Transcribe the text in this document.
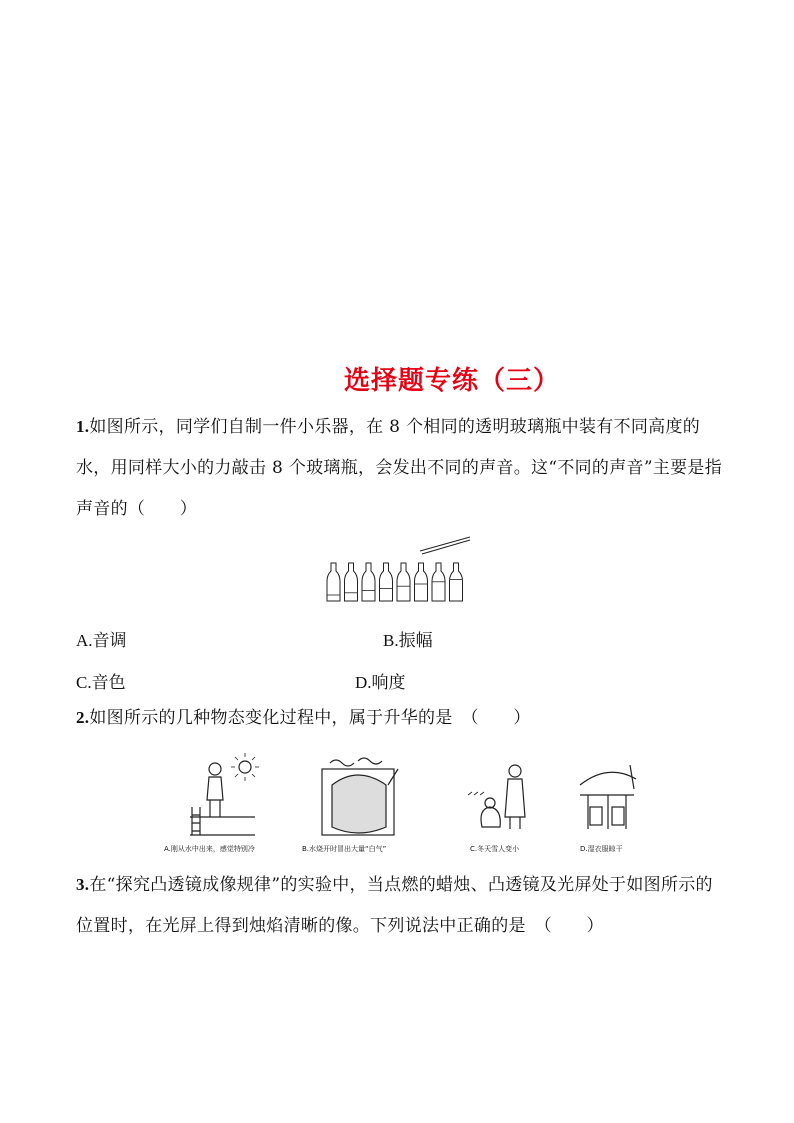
选择题专练（三）
1.如图所示，同学们自制一件小乐器，在 8 个相同的透明玻璃瓶中装有不同高度的水，用同样大小的力敲击 8 个玻璃瓶，会发出不同的声音。这“不同的声音”主要是指声音的（　　）
A.音调	B.振幅
C.音色	D.响度
2.如图所示的几种物态变化过程中，属于升华的是　（　　）
A.刚从水中出来，感觉特别冷	B.水烧开时冒出大量“白气”	C.冬天雪人变小	D.湿衣服晾干
3.在“探究凸透镜成像规律”的实验中，当点燃的蜡烛、凸透镜及光屏处于如图所示的位置时，在光屏上得到烛焰清晰的像。下列说法中正确的是　（　　）
